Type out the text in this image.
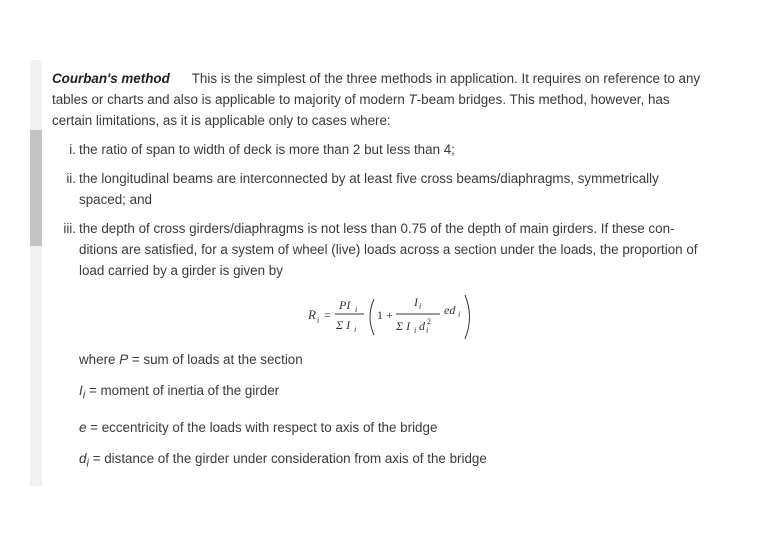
Courban's method This is the simplest of the three methods in application. It requires on reference to any tables or charts and also is applicable to majority of modern T-beam bridges. This method, however, has certain limitations, as it is applicable only to cases where:

i. the ratio of span to width of deck is more than 2 but less than 4;
ii. the longitudinal beams are interconnected by at least five cross beams/diaphragms, symmetrically spaced; and
iii. the depth of cross girders/diaphragms is not less than 0.75 of the depth of main girders. If these con-ditions are satisfied, for a system of wheel (live) loads across a section under the loads, the proportion of load carried by a girder is given by
R i =
PI i
Σ I i
1 +
I i
Σ I i d i
2
ed i

where P = sum of loads at the section

$I_i$ = moment of inertia of the girder

e = eccentricity of the loads with respect to axis of the bridge

$d_i$ = distance of the girder under consideration from axis of the bridge
